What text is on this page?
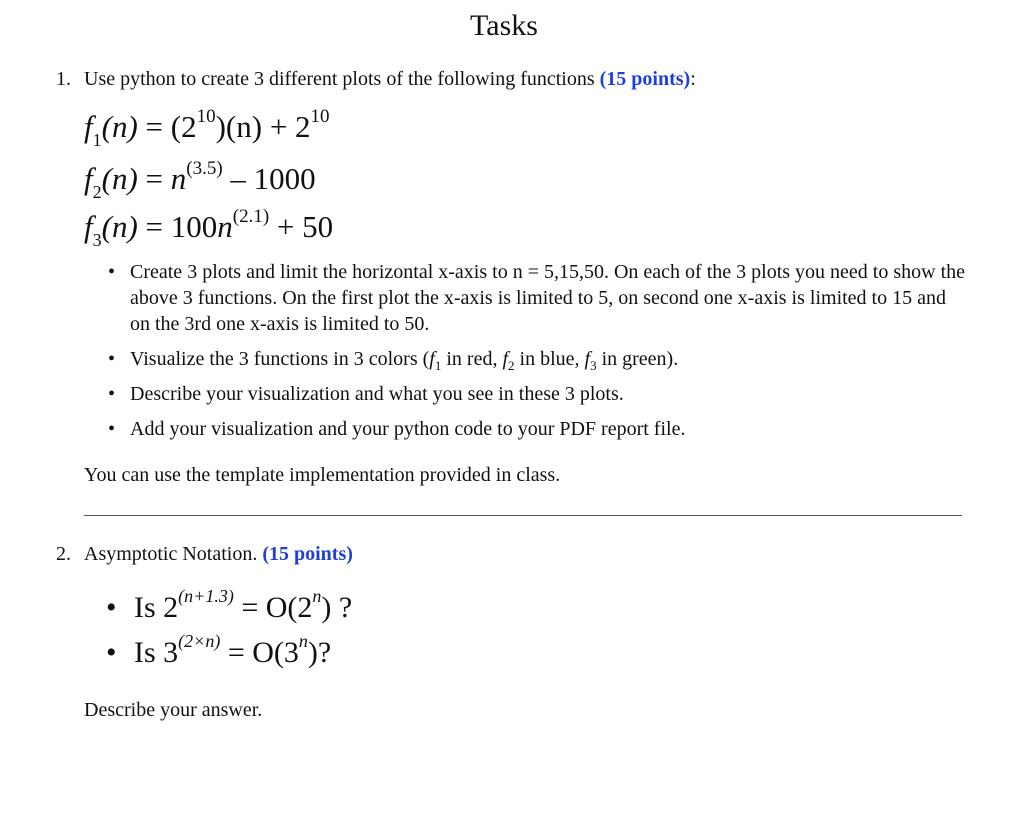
Tasks
1. Use python to create 3 different plots of the following functions (15 points):
$f_1(n) = (2^{10})(n) + 2^{10}$
$f_2(n) = n^{(3.5)} - 1000$
$f_3(n) = 100n^{(2.1)} + 50$
• Create 3 plots and limit the horizontal x-axis to n = 5,15,50. On each of the 3 plots you need to show the above 3 functions. On the first plot the x-axis is limited to 5, on second one x-axis is limited to 15 and on the 3rd one x-axis is limited to 50.
• Visualize the 3 functions in 3 colors ($f_1$ in red, $f_2$ in blue, $f_3$ in green).
• Describe your visualization and what you see in these 3 plots.
• Add your visualization and your python code to your PDF report file.
You can use the template implementation provided in class.
2. Asymptotic Notation. (15 points)
• Is $2^{(n+1.3)} = O(2^n)$ ?
• Is $3^{(2\times n)} = O(3^n)$?
Describe your answer.
